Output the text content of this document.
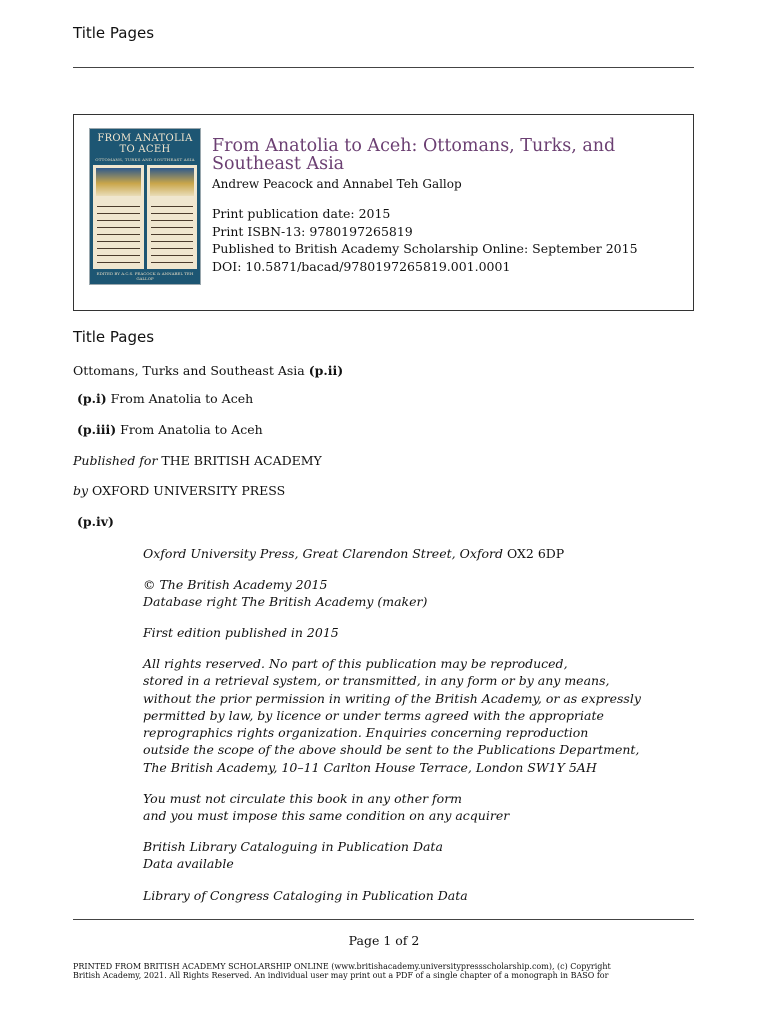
Title Pages
FROM ANATOLIA
TO ACEH
OTTOMANS, TURKS AND SOUTHEAST ASIA
EDITED BY A.C.S. PEACOCK & ANNABEL TEH GALLOP
From Anatolia to Aceh: Ottomans, Turks, and Southeast Asia
Andrew Peacock and Annabel Teh Gallop
Print publication date: 2015
Print ISBN-13: 9780197265819
Published to British Academy Scholarship Online: September 2015
DOI: 10.5871/bacad/9780197265819.001.0001
Title Pages
Ottomans, Turks and Southeast Asia (p.ii)
(p.i) From Anatolia to Aceh
(p.iii) From Anatolia to Aceh
Published for THE BRITISH ACADEMY
by OXFORD UNIVERSITY PRESS
(p.iv)
Oxford University Press, Great Clarendon Street, Oxford OX2 6DP
© The British Academy 2015
Database right The British Academy (maker)
First edition published in 2015
All rights reserved. No part of this publication may be reproduced,
stored in a retrieval system, or transmitted, in any form or by any means,
without the prior permission in writing of the British Academy, or as expressly
permitted by law, by licence or under terms agreed with the appropriate
reprographics rights organization. Enquiries concerning reproduction
outside the scope of the above should be sent to the Publications Department,
The British Academy, 10–11 Carlton House Terrace, London SW1Y 5AH
You must not circulate this book in any other form
and you must impose this same condition on any acquirer
British Library Cataloguing in Publication Data
Data available
Library of Congress Cataloging in Publication Data
Page 1 of 2
PRINTED FROM BRITISH ACADEMY SCHOLARSHIP ONLINE (www.britishacademy.universitypressscholarship.com), (c) Copyright
British Academy, 2021. All Rights Reserved. An individual user may print out a PDF of a single chapter of a monograph in BASO for
